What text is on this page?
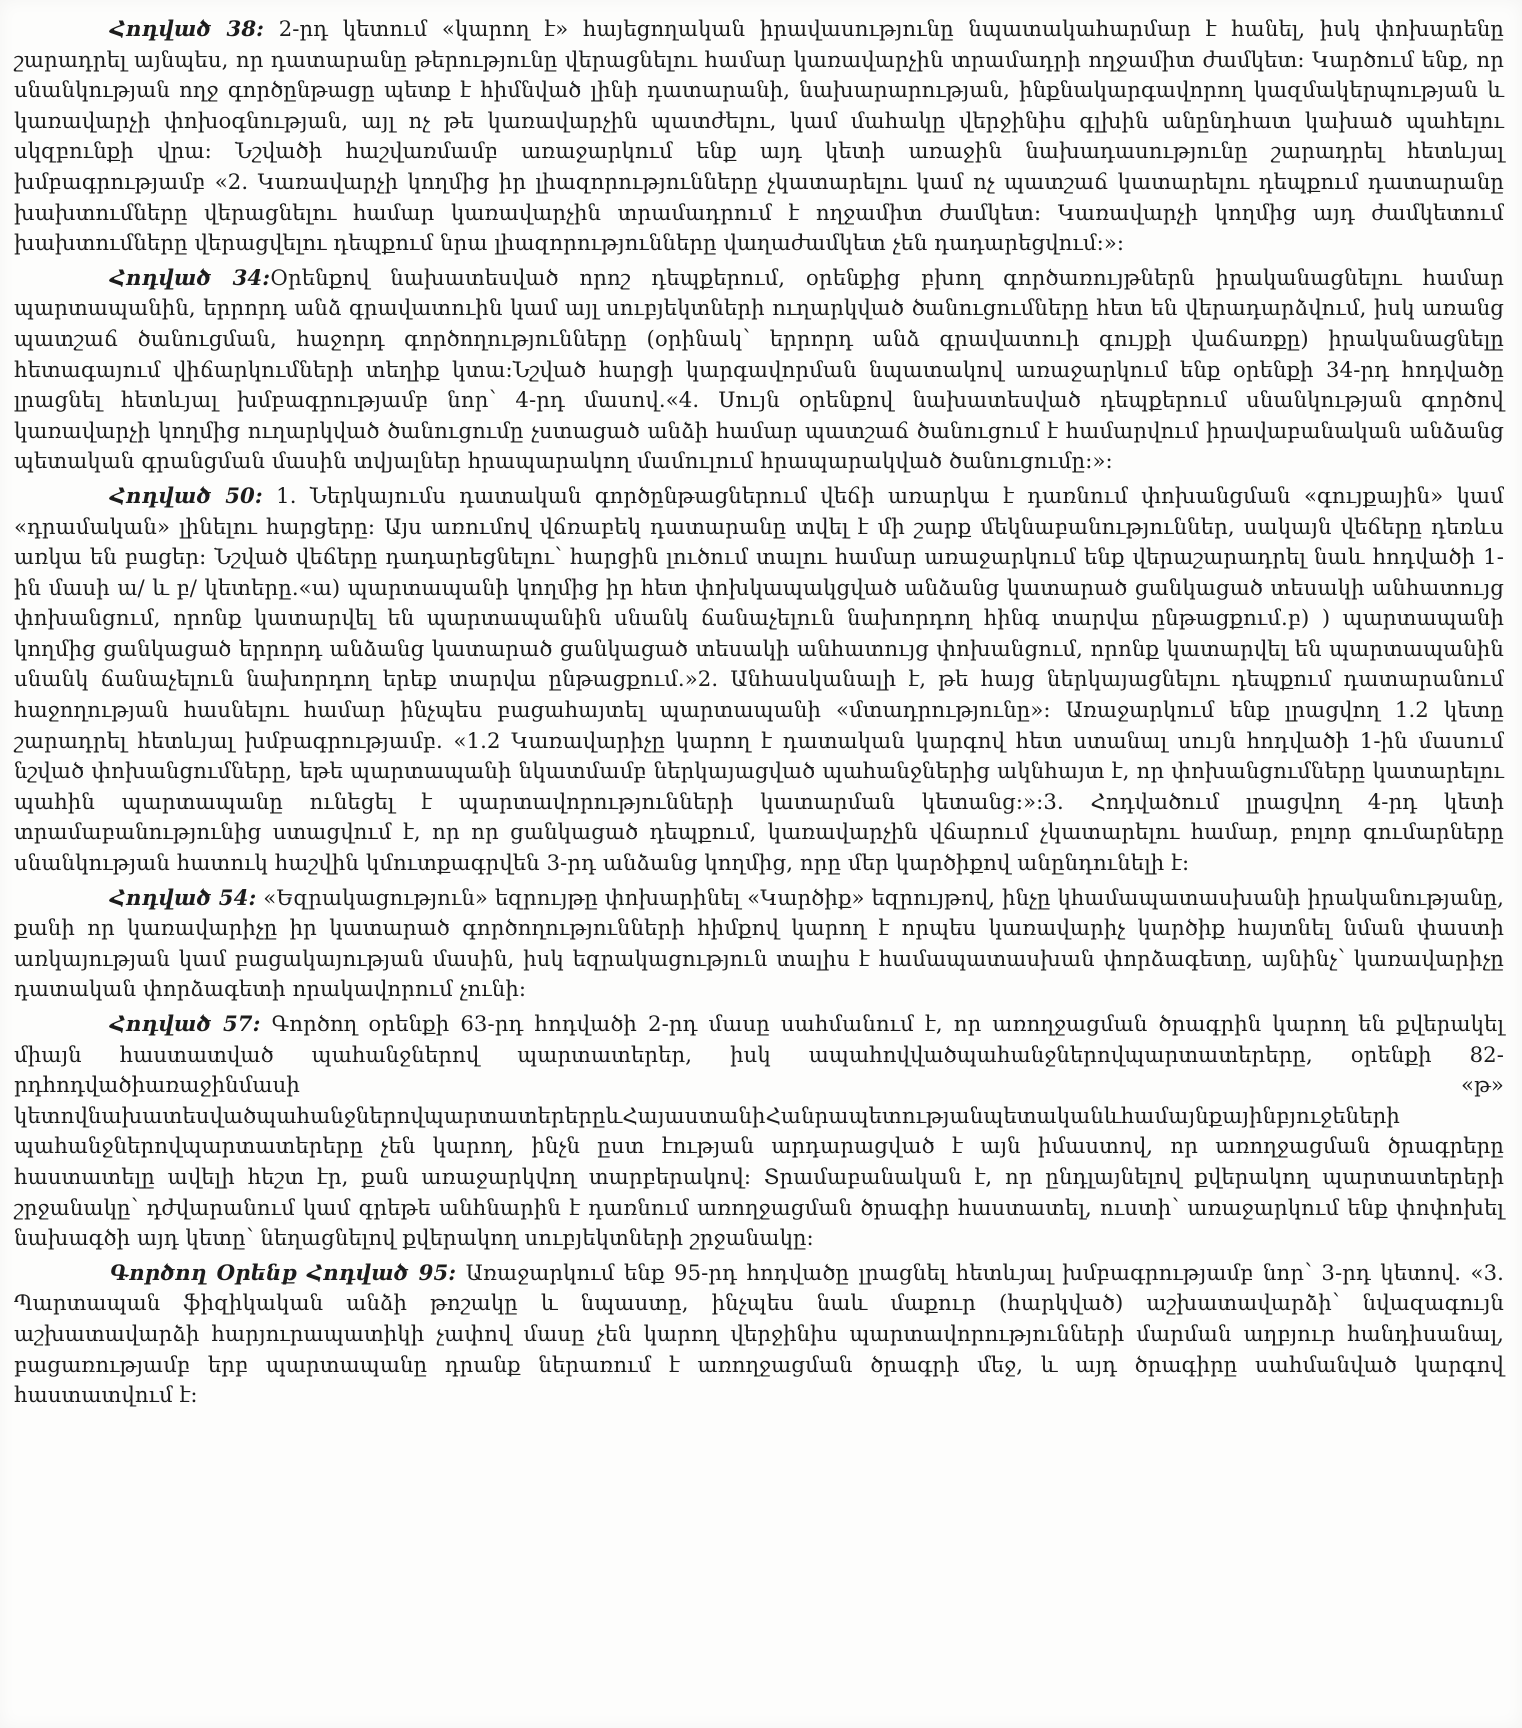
Հոդված 38: 2-րդ կետում «կարող է» հայեցողական իրավասությունը նպատակահարմար է հանել, իսկ փոխարենը շարադրել այնպես, որ դատարանը թերությունը վերացնելու համար կառավարչին տրամադրի ողջամիտ ժամկետ: Կարծում ենք, որ սնանկության ողջ գործընթացը պետք է հիմնված լինի դատարանի, նախարարության, ինքնակարգավորող կազմակերպության և կառավարչի փոխօգնության, այլ ոչ թե կառավարչին պատժելու, կամ մահակը վերջինիս գլխին անընդհատ կախած պահելու սկզբունքի վրա: Նշվածի հաշվառմամբ առաջարկում ենք այդ կետի առաջին նախադասությունը շարադրել հետևյալ խմբագրությամբ «2. Կառավարչի կողմից իր լիազորությունները չկատարելու կամ ոչ պատշաճ կատարելու դեպքում դատարանը խախտումները վերացնելու համար կառավարչին տրամադրում է ողջամիտ ժամկետ: Կառավարչի կողմից այդ ժամկետում խախտումները վերացվելու դեպքում նրա լիազորությունները վաղաժամկետ չեն դադարեցվում:»:

Հոդված 34:Օրենքով նախատեսված որոշ դեպքերում, օրենքից բխող գործառույթներն իրականացնելու համար պարտապանին, երրորդ անձ գրավատուին կամ այլ սուբյեկտների ուղարկված ծանուցումները հետ են վերադարձվում, իսկ առանց պատշաճ ծանուցման, հաջորդ գործողությունները (օրինակ՝ երրորդ անձ գրավատուի գույքի վաճառքը) իրականացնելը հետագայում վիճարկումների տեղիք կտա:Նշված հարցի կարգավորման նպատակով առաջարկում ենք օրենքի 34-րդ հոդվածը լրացնել հետևյալ խմբագրությամբ նոր՝ 4-րդ մասով.«4. Սույն օրենքով նախատեսված դեպքերում սնանկության գործով կառավարչի կողմից ուղարկված ծանուցումը չստացած անձի համար պատշաճ ծանուցում է համարվում իրավաբանական անձանց պետական գրանցման մասին տվյալներ հրապարակող մամուլում հրապարակված ծանուցումը:»:

Հոդված 50: 1. Ներկայումս դատական գործընթացներում վեճի առարկա է դառնում փոխանցման «գույքային» կամ «դրամական» լինելու հարցերը: Այս առումով վճռաբեկ դատարանը տվել է մի շարք մեկնաբանություններ, սակայն վեճերը դեռևս առկա են բացեր: Նշված վեճերը դադարեցնելու՝ հարցին լուծում տալու համար առաջարկում ենք վերաշարադրել նաև հոդվածի 1-ին մասի ա/ և բ/ կետերը.«ա) պարտապանի կողմից իր հետ փոխկապակցված անձանց կատարած ցանկացած տեսակի անհատույց փոխանցում, որոնք կատարվել են պարտապանին սնանկ ճանաչելուն նախորդող հինգ տարվա ընթացքում.բ) ) պարտապանի կողմից ցանկացած երրորդ անձանց կատարած ցանկացած տեսակի անհատույց փոխանցում, որոնք կատարվել են պարտապանին սնանկ ճանաչելուն նախորդող երեք տարվա ընթացքում.»2. Անհասկանալի է, թե հայց ներկայացնելու դեպքում դատարանում հաջողության հասնելու համար ինչպես բացահայտել պարտապանի «մտադրությունը»: Առաջարկում ենք լրացվող 1.2 կետը շարադրել հետևյալ խմբագրությամբ. «1.2 Կառավարիչը կարող է դատական կարգով հետ ստանալ սույն հոդվածի 1-ին մասում նշված փոխանցումները, եթե պարտապանի նկատմամբ ներկայացված պահանջներից ակնհայտ է, որ փոխանցումները կատարելու պահին պարտապանը ունեցել է պարտավորությունների կատարման կետանց:»:3. Հոդվածում լրացվող 4-րդ կետի տրամաբանությունից ստացվում է, որ որ ցանկացած դեպքում, կառավարչին վճարում չկատարելու համար, բոլոր գումարները սնանկության հատուկ հաշվին կմուտքագրվեն 3-րդ անձանց կողմից, որը մեր կարծիքով անընդունելի է:

Հոդված 54: «Եզրակացություն» եզրույթը փոխարինել «Կարծիք» եզրույթով, ինչը կհամապատասխանի իրականությանը, քանի որ կառավարիչը իր կատարած գործողությունների հիմքով կարող է որպես կառավարիչ կարծիք հայտնել նման փաստի առկայության կամ բացակայության մասին, իսկ եզրակացություն տալիս է համապատասխան փորձագետը, այնինչ՝ կառավարիչը դատական փորձագետի որակավորում չունի:

Հոդված 57: Գործող օրենքի 63-րդ հոդվածի 2-րդ մասը սահմանում է, որ առողջացման ծրագրին կարող են քվերակել միայն հաստատված պահանջներով պարտատերեր, իսկ ապահովվածպահանջներովպարտատերերը, օրենքի 82-րդհոդվածիառաջինմասի «թ» կետովնախատեսվածպահանջներովպարտատերերըևՀայաստանիՀանրապետությանպետականևհամայնքայինբյուջեների պահանջներովպարտատերերը չեն կարող, ինչն ըստ էության արդարացված է այն իմաստով, որ առողջացման ծրագրերը հաստատելը ավելի հեշտ էր, քան առաջարկվող տարբերակով: Տրամաբանական է, որ ընդլայնելով քվերակող պարտատերերի շրջանակը՝ դժվարանում կամ գրեթե անհնարին է դառնում առողջացման ծրագիր հաստատել, ուստի՝ առաջարկում ենք փոփոխել նախագծի այդ կետը՝ նեղացնելով քվերակող սուբյեկտների շրջանակը:

Գործող Օրենք Հոդված 95: Առաջարկում ենք 95-րդ հոդվածը լրացնել հետևյալ խմբագրությամբ նոր՝ 3-րդ կետով. «3. Պարտապան ֆիզիկական անձի թոշակը և նպաստը, ինչպես նաև մաքուր (հարկված) աշխատավարձի՝ նվազագույն աշխատավարձի հարյուրապատիկի չափով մասը չեն կարող վերջինիս պարտավորությունների մարման աղբյուր հանդիսանալ, բացառությամբ երբ պարտապանը դրանք ներառում է առողջացման ծրագրի մեջ, և այդ ծրագիրը սահմանված կարգով հաստատվում է:
